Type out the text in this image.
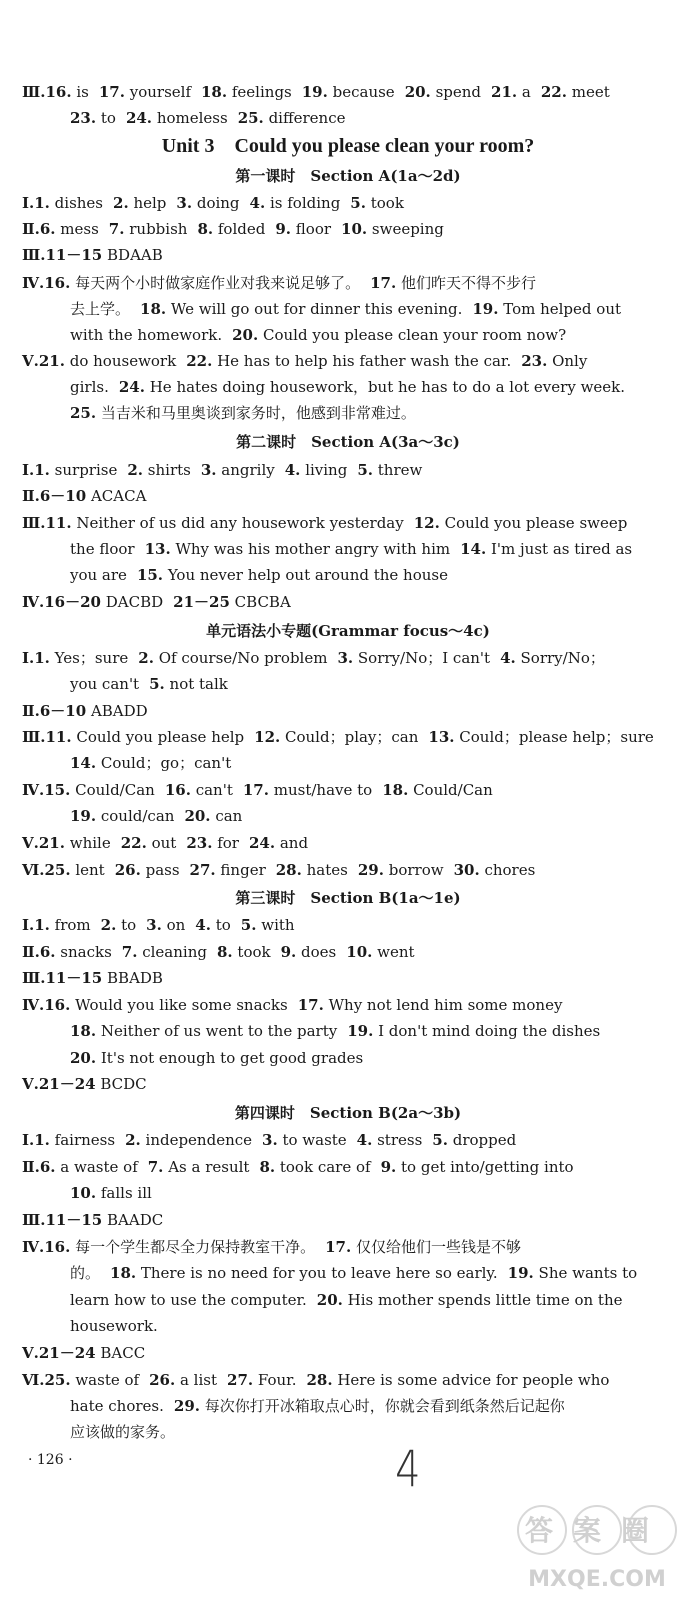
· 126 ·	4
答案圈
MXQE.COM
Unit 3　Could you please clean your room?
第一课时　Section A(1a～2d)
第二课时　Section A(3a～3c)
单元语法小专题(Grammar focus～4c)
第三课时　Section B(1a～1e)
第四课时　Section B(2a～3b)
Ⅲ.16. is 17. yourself 18. feelings 19. because 20. spend 21. a 22. meet
23. to 24. homeless 25. difference
Ⅰ.1. dishes 2. help 3. doing 4. is folding 5. took
Ⅱ.6. mess 7. rubbish 8. folded 9. floor 10. sweeping
Ⅲ.11－15 BDAAB
Ⅳ.16. 每天两个小时做家庭作业对我来说足够了。 17. 他们昨天不得不步行
去上学。 18. We will go out for dinner this evening. 19. Tom helped out
with the homework. 20. Could you please clean your room now?
Ⅴ.21. do housework 22. He has to help his father wash the car. 23. Only
girls. 24. He hates doing housework，but he has to do a lot every week.
25. 当吉米和马里奥谈到家务时，他感到非常难过。
Ⅰ.1. surprise 2. shirts 3. angrily 4. living 5. threw
Ⅱ.6－10 ACACA
Ⅲ.11. Neither of us did any housework yesterday 12. Could you please sweep
the floor 13. Why was his mother angry with him 14. I'm just as tired as
you are 15. You never help out around the house
Ⅳ.16－20 DACBD 21－25 CBCBA
Ⅰ.1. Yes；sure 2. Of course/No problem 3. Sorry/No；I can't 4. Sorry/No；
you can't 5. not talk
Ⅱ.6－10 ABADD
Ⅲ.11. Could you please help 12. Could；play；can 13. Could；please help；sure
14. Could；go；can't
Ⅳ.15. Could/Can 16. can't 17. must/have to 18. Could/Can
19. could/can 20. can
Ⅴ.21. while 22. out 23. for 24. and
Ⅵ.25. lent 26. pass 27. finger 28. hates 29. borrow 30. chores
Ⅰ.1. from 2. to 3. on 4. to 5. with
Ⅱ.6. snacks 7. cleaning 8. took 9. does 10. went
Ⅲ.11－15 BBADB
Ⅳ.16. Would you like some snacks 17. Why not lend him some money
18. Neither of us went to the party 19. I don't mind doing the dishes
20. It's not enough to get good grades
Ⅴ.21－24 BCDC
Ⅰ.1. fairness 2. independence 3. to waste 4. stress 5. dropped
Ⅱ.6. a waste of 7. As a result 8. took care of 9. to get into/getting into
10. falls ill
Ⅲ.11－15 BAADC
Ⅳ.16. 每一个学生都尽全力保持教室干净。 17. 仅仅给他们一些钱是不够
的。 18. There is no need for you to leave here so early. 19. She wants to
learn how to use the computer. 20. His mother spends little time on the
housework.
Ⅴ.21－24 BACC
Ⅵ.25. waste of 26. a list 27. Four. 28. Here is some advice for people who
hate chores. 29. 每次你打开冰箱取点心时，你就会看到纸条然后记起你
应该做的家务。
